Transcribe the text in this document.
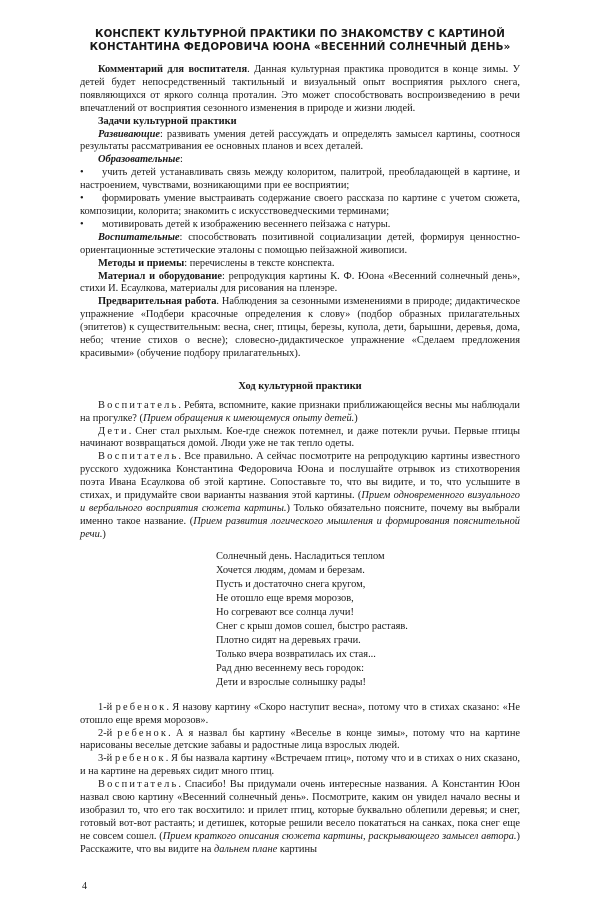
КОНСПЕКТ КУЛЬТУРНОЙ ПРАКТИКИ ПО ЗНАКОМСТВУ С КАРТИНОЙ
КОНСТАНТИНА ФЕДОРОВИЧА ЮОНА «ВЕСЕННИЙ СОЛНЕЧНЫЙ ДЕНЬ»

Комментарий для воспитателя. Данная культурная практика проводится в конце зимы. У детей будет непосредственный тактильный и визуальный опыт восприятия рыхлого снега, появляющихся от яркого солнца проталин. Это может способствовать воспроизведению в речи впечатлений от восприятия сезонного изменения в природе и жизни людей.

Задачи культурной практики

Развивающие: развивать умения детей рассуждать и определять замысел картины, соотнося результаты рассматривания ее основных планов и всех деталей.

Образовательные:

• учить детей устанавливать связь между колоритом, палитрой, преобладающей в картине, и настроением, чувствами, возникающими при ее восприятии;

• формировать умение выстраивать содержание своего рассказа по картине с учетом сюжета, композиции, колорита; знакомить с искусствоведческими терминами;

• мотивировать детей к изображению весеннего пейзажа с натуры.

Воспитательные: способствовать позитивной социализации детей, формируя ценностно-ориентационные эстетические эталоны с помощью пейзажной живописи.

Методы и приемы: перечислены в тексте конспекта.

Материал и оборудование: репродукция картины К. Ф. Юона «Весенний солнечный день», стихи И. Есаулкова, материалы для рисования на пленэре.

Предварительная работа. Наблюдения за сезонными изменениями в природе; дидактическое упражнение «Подбери красочные определения к слову» (подбор образных прилагательных (эпитетов) к существительным: весна, снег, птицы, березы, купола, дети, барышни, деревья, дома, небо; чтение стихов о весне); словесно-дидактическое упражнение «Сделаем предложения красивыми» (обучение подбору прилагательных).

Ход культурной практики

Воспитатель. Ребята, вспомните, какие признаки приближающейся весны мы наблюдали на прогулке? (Прием обращения к имеющемуся опыту детей.)

Дети. Снег стал рыхлым. Кое-где снежок потемнел, и даже потекли ручьи. Первые птицы начинают возвращаться домой. Люди уже не так тепло одеты.

Воспитатель. Все правильно. А сейчас посмотрите на репродукцию картины известного русского художника Константина Федоровича Юона и послушайте отрывок из стихотворения поэта Ивана Есаулкова об этой картине. Сопоставьте то, что вы видите, и то, что услышите в стихах, и придумайте свои варианты названия этой картины. (Прием одновременного визуального и вербального восприятия сюжета картины.) Только обязательно поясните, почему вы выбрали именно такое название. (Прием развития логического мышления и формирования пояснительной речи.)

Солнечный день. Насладиться теплом
Хочется людям, домам и березам.
Пусть и достаточно снега кругом,
Не отошло еще время морозов,
Но согревают все солнца лучи!
Снег с крыш домов сошел, быстро растаяв.
Плотно сидят на деревьях грачи.
Только вчера возвратилась их стая...
Рад дню весеннему весь городок:
Дети и взрослые солнышку рады!

1-й ребенок. Я назову картину «Скоро наступит весна», потому что в стихах сказано: «Не отошло еще время морозов».

2-й ребенок. А я назвал бы картину «Веселье в конце зимы», потому что на картине нарисованы веселые детские забавы и радостные лица взрослых людей.

3-й ребенок. Я бы назвала картину «Встречаем птиц», потому что и в стихах о них сказано, и на картине на деревьях сидит много птиц.

Воспитатель. Спасибо! Вы придумали очень интересные названия. А Константин Юон назвал свою картину «Весенний солнечный день». Посмотрите, каким он увидел начало весны и изобразил то, что его так восхитило: и прилет птиц, которые буквально облепили деревья; и снег, готовый вот-вот растаять; и детишек, которые решили весело покататься на санках, пока снег еще не совсем сошел. (Прием краткого описания сюжета картины, раскрывающего замысел автора.) Расскажите, что вы видите на дальнем плане картины

4
